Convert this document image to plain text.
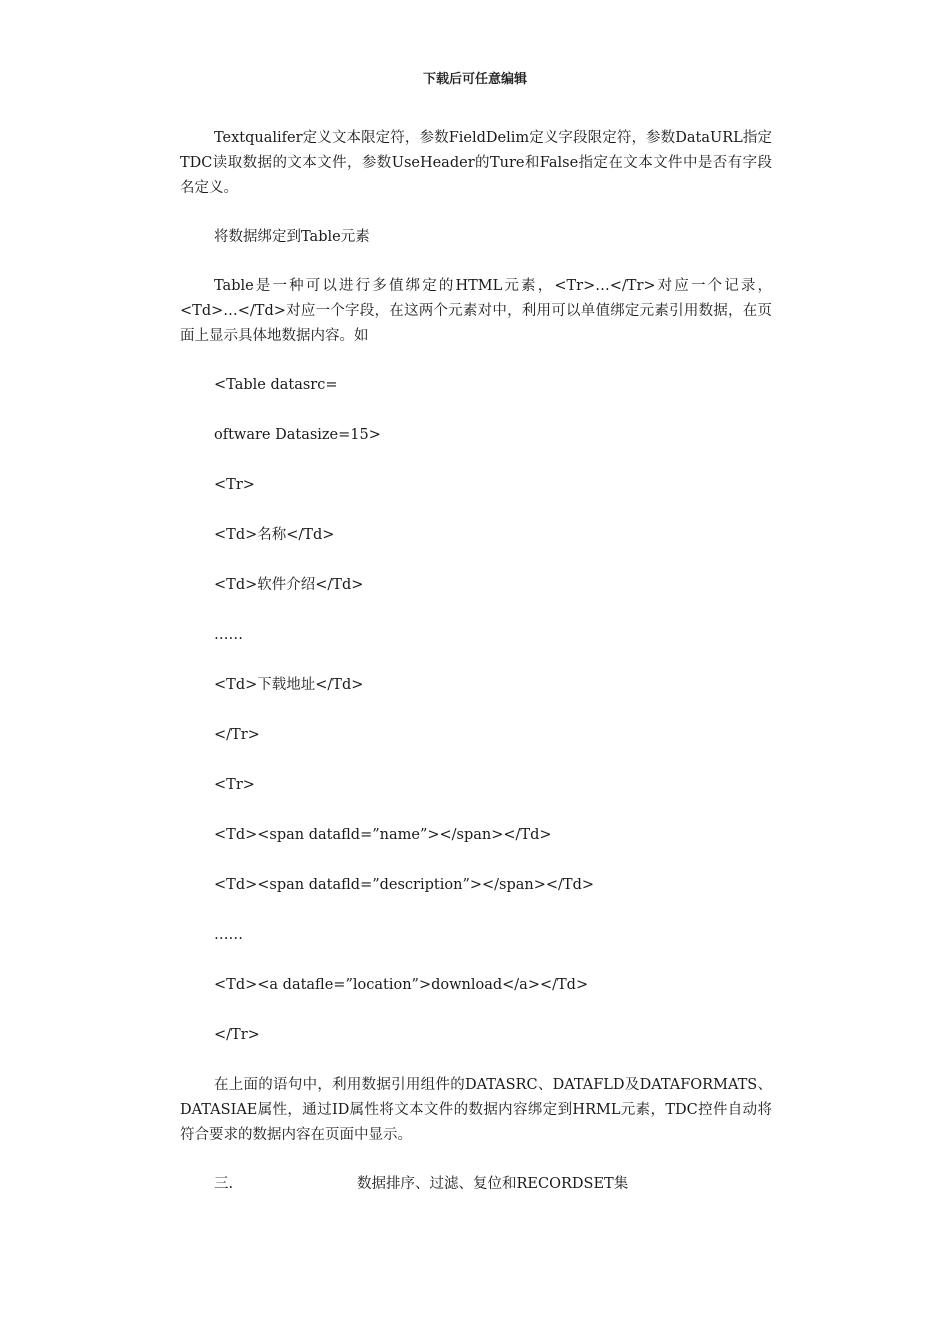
下载后可任意编辑

Textqualifer定义文本限定符，参数FieldDelim定义字段限定符，参数DataURL指定TDC读取数据的文本文件，参数UseHeader的Ture和False指定在文本文件中是否有字段名定义。

将数据绑定到Table元素

Table是一种可以进行多值绑定的HTML元素，<Tr>…</Tr>对应一个记录，<Td>…</Td>对应一个字段，在这两个元素对中，利用可以单值绑定元素引用数据，在页面上显示具体地数据内容。如

<Table datasrc=
oftware Datasize=15>
<Tr>
<Td>名称</Td>
<Td>软件介绍</Td>
……
<Td>下载地址</Td>
</Tr>
<Tr>
<Td><span datafld=”name”></span></Td>
<Td><span datafld=”description”></span></Td>
……
<Td><a datafle=”location”>download</a></Td>
</Tr>

在上面的语句中，利用数据引用组件的DATASRC、DATAFLD及DATAFORMATS、DATASIAE属性，通过ID属性将文本文件的数据内容绑定到HRML元素，TDC控件自动将符合要求的数据内容在页面中显示。

三.	数据排序、过滤、复位和RECORDSET集
